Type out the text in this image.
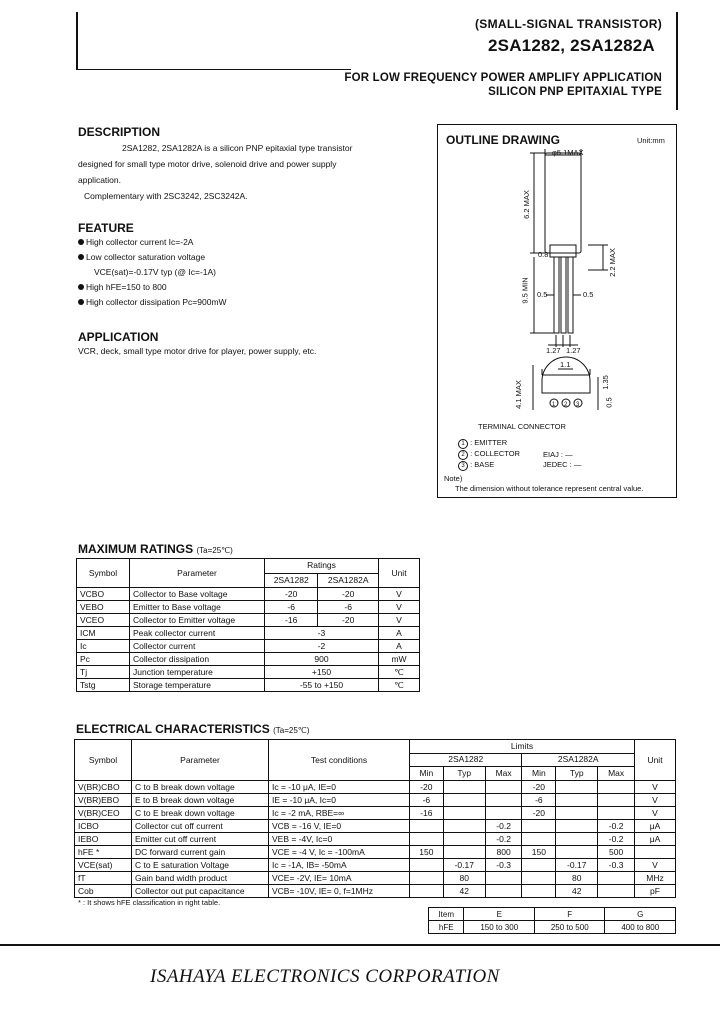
(SMALL-SIGNAL TRANSISTOR)
2SA1282, 2SA1282A
FOR LOW FREQUENCY POWER AMPLIFY APPLICATION
SILICON PNP EPITAXIAL TYPE
DESCRIPTION
2SA1282, 2SA1282A is a silicon PNP epitaxial type transistor
designed for small type motor drive, solenoid drive and power supply
application.
Complementary with 2SC3242, 2SC3242A.
FEATURE
High collector current Ic=-2A
Low collector saturation voltage
VCE(sat)=-0.17V typ (@ Ic=-1A)
High hFE=150 to 800
High collector dissipation Pc=900mW
APPLICATION
VCR, deck, small type motor drive for player, power supply, etc.
OUTLINE DRAWING	Unit:mm
1 2 3
φ5.1MAX
6.2 MAX
0.8	2.2 MAX
9.5 MIN 0.5	0.5
1.27 1.27
1.1
4.1 MAX	1.35
0.5
TERMINAL CONNECTOR
1 : EMITTER
2 : COLLECTOR
3 : BASE
EIAJ : —
JEDEC : —
Note)
The dimension without tolerance represent central value.
MAXIMUM RATINGS (Ta=25℃)
Symbol	Parameter	Ratings		Unit
		2SA1282	2SA1282A	
VCBO	Collector to Base voltage	-20	-20	V
VEBO	Emitter to Base voltage	-6	-6	V
VCEO	Collector to Emitter voltage	-16	-20	V
ICM	Peak collector current	-3		A
Ic	Collector current	-2		A
Pc	Collector dissipation	900		mW
Tj	Junction temperature	+150		℃
Tstg	Storage temperature	-55 to +150		℃
ELECTRICAL CHARACTERISTICS (Ta=25℃)
Symbol	Parameter	Test conditions	Limits						Unit
			2SA1282			2SA1282A			
			Min	Typ	Max	Min	Typ	Max	
V(BR)CBO	C to B break down voltage	Ic = -10 μA, IE=0	-20			-20			V
V(BR)EBO	E to B break down voltage	IE = -10 μA, Ic=0	-6			-6			V
V(BR)CEO	C to E break down voltage	Ic = -2 mA, RBE=∞	-16			-20			V
ICBO	Collector cut off current	VCB = -16 V, IE=0			-0.2			-0.2	μA
IEBO	Emitter cut off current	VEB = -4V, Ic=0			-0.2			-0.2	μA
hFE *	DC forward current gain	VCE = -4 V, Ic = -100mA	150		800	150		500	
VCE(sat)	C to E saturation Voltage	Ic = -1A, IB= -50mA		-0.17	-0.3		-0.17	-0.3	V
fT	Gain band width product	VCE= -2V, IE= 10mA		80			80		MHz
Cob	Collector out put capacitance	VCB= -10V, IE= 0, f=1MHz		42			42		pF
* : It shows hFE classification in right table.
Item	E	F	G
hFE	150 to 300	250 to 500	400 to 800
ISAHAYA ELECTRONICS CORPORATION
